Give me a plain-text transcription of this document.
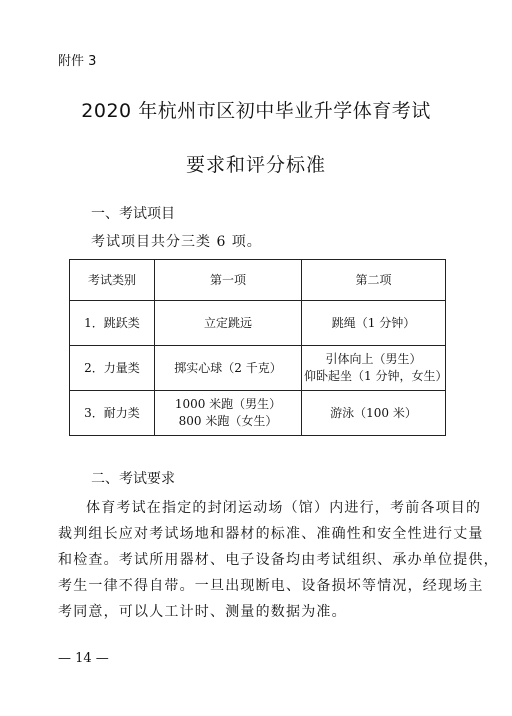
附件 3
2020 年杭州市区初中毕业升学体育考试
要求和评分标准
一、考试项目
考试项目共分三类 6 项。
考试类别	第一项	第二项
1．跳跃类	立定跳远	跳绳（1 分钟）
2．力量类	掷实心球（2 千克）	引体向上（男生）
仰卧起坐（1 分钟，女生）
3．耐力类	1000 米跑（男生）
800 米跑（女生）	游泳（100 米）
二、考试要求
体育考试在指定的封闭运动场（馆）内进行，考前各项目的
裁判组长应对考试场地和器材的标准、准确性和安全性进行丈量
和检查。考试所用器材、电子设备均由考试组织、承办单位提供，
考生一律不得自带。一旦出现断电、设备损坏等情况，经现场主
考同意，可以人工计时、测量的数据为准。
— 14 —
